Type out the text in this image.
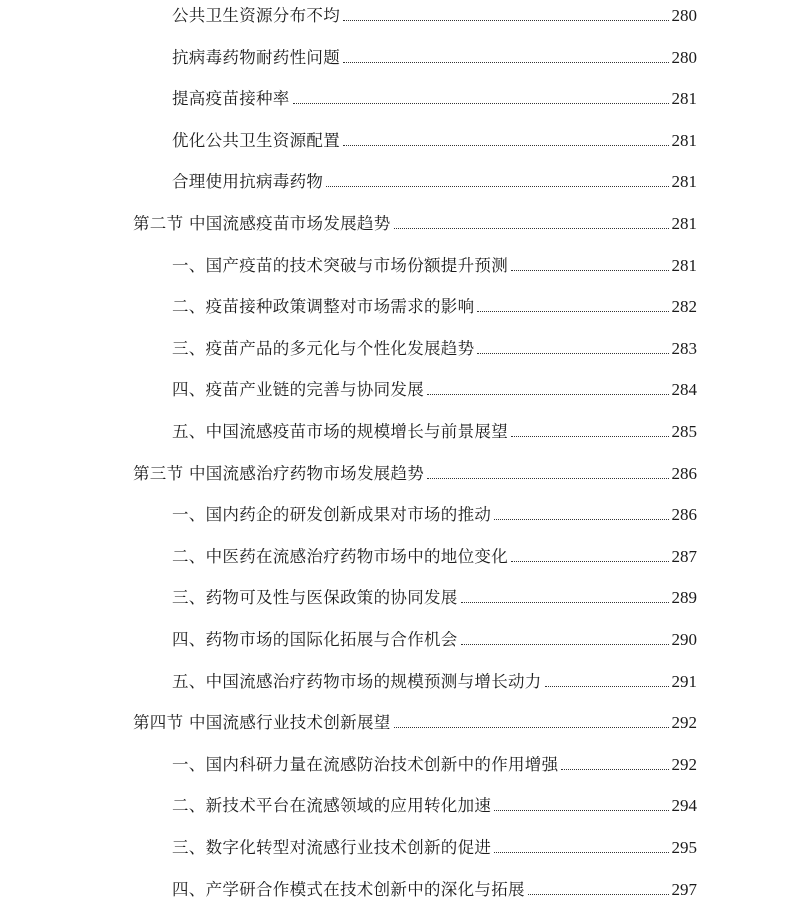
公共卫生资源分布不均	280
抗病毒药物耐药性问题	280
提高疫苗接种率	281
优化公共卫生资源配置	281
合理使用抗病毒药物	281
第二节 中国流感疫苗市场发展趋势	281
一、国产疫苗的技术突破与市场份额提升预测	281
二、疫苗接种政策调整对市场需求的影响	282
三、疫苗产品的多元化与个性化发展趋势	283
四、疫苗产业链的完善与协同发展	284
五、中国流感疫苗市场的规模增长与前景展望	285
第三节 中国流感治疗药物市场发展趋势	286
一、国内药企的研发创新成果对市场的推动	286
二、中医药在流感治疗药物市场中的地位变化	287
三、药物可及性与医保政策的协同发展	289
四、药物市场的国际化拓展与合作机会	290
五、中国流感治疗药物市场的规模预测与增长动力	291
第四节 中国流感行业技术创新展望	292
一、国内科研力量在流感防治技术创新中的作用增强	292
二、新技术平台在流感领域的应用转化加速	294
三、数字化转型对流感行业技术创新的促进	295
四、产学研合作模式在技术创新中的深化与拓展	297
